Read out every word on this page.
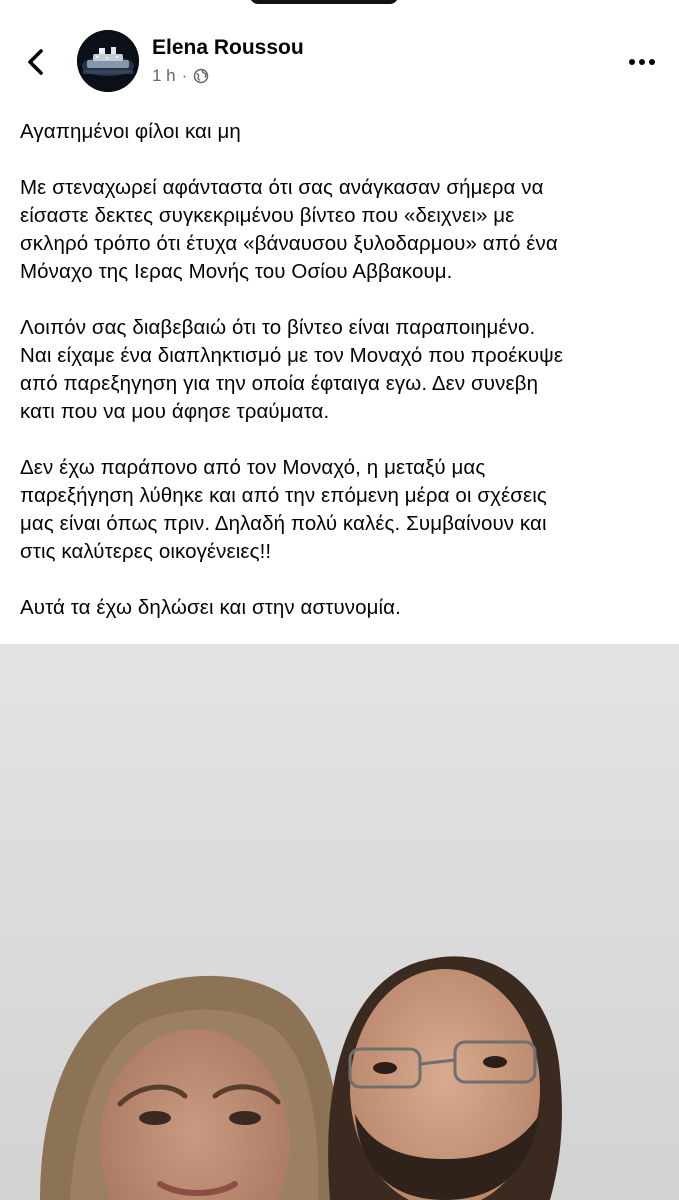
Elena Roussou
1 h ·

Αγαπημένοι φίλοι και μη

Με στεναχωρεί αφάνταστα ότι σας ανάγκασαν σήμερα να
είσαστε δεκτες συγκεκριμένου βίντεο που «δειχνει» με
σκληρό τρόπο ότι έτυχα «βάναυσου ξυλοδαρμου» από ένα
Μόναχο της Ιερας Μονής του Οσίου Αββακουμ.

Λοιπόν σας διαβεβαιώ ότι το βίντεο είναι παραποιημένο.
Ναι είχαμε ένα διαπληκτισμό με τον Μοναχό που προέκυψε
από παρεξηγηση για την οποία έφταιγα εγω. Δεν συνεβη
κατι που να μου άφησε τραύματα.

Δεν έχω παράπονο από τον Μοναχό, η μεταξύ μας
παρεξήγηση λύθηκε και από την επόμενη μέρα οι σχέσεις
μας είναι όπως πριν. Δηλαδή πολύ καλές. Συμβαίνουν και
στις καλύτερες οικογένειες!!

Αυτά τα έχω δηλώσει και στην αστυνομία.
